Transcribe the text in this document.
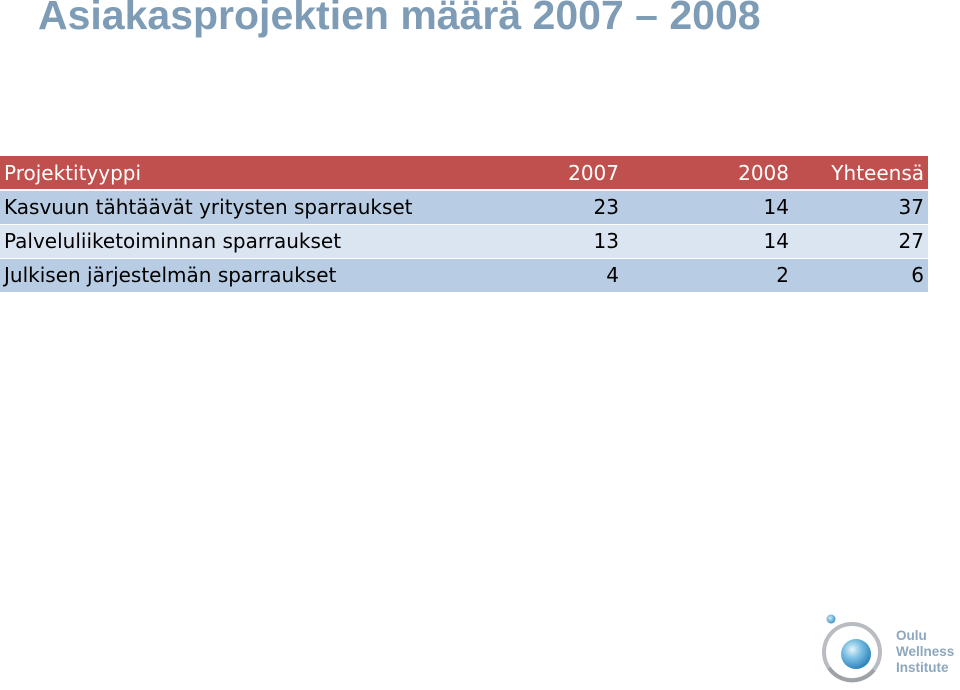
Asiakasprojektien määrä 2007 – 2008
Projektityyppi	2007	2008	Yhteensä
Kasvuun tähtäävät yritysten sparraukset	23	14	37
Palveluliiketoiminnan sparraukset	13	14	27
Julkisen järjestelmän sparraukset	4	2	6
Oulu
Wellness
Institute
